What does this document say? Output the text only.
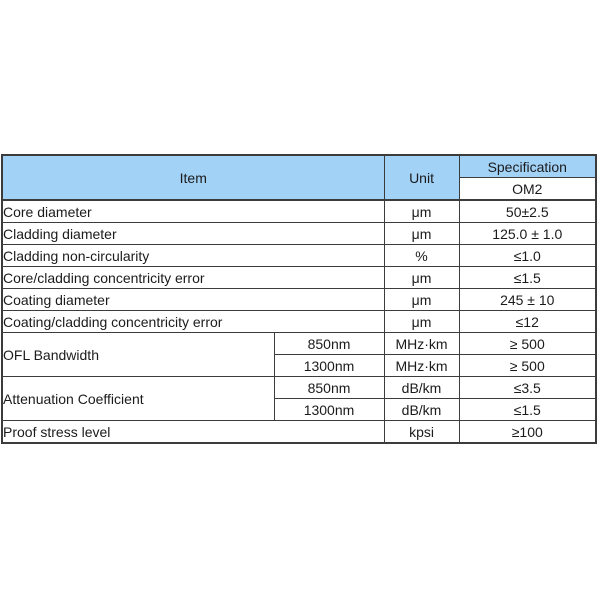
Item		Unit	Specification
			OM2
Core diameter		μm	50±2.5
Cladding diameter		μm	125.0 ± 1.0
Cladding non-circularity		%	≤1.0
Core/cladding concentricity error		μm	≤1.5
Coating diameter		μm	245 ± 10
Coating/cladding concentricity error		μm	≤12
OFL Bandwidth	850nm	MHz·km	≥ 500
	1300nm	MHz·km	≥ 500
Attenuation Coefficient	850nm	dB/km	≤3.5
	1300nm	dB/km	≤1.5
Proof stress level		kpsi	≥100
